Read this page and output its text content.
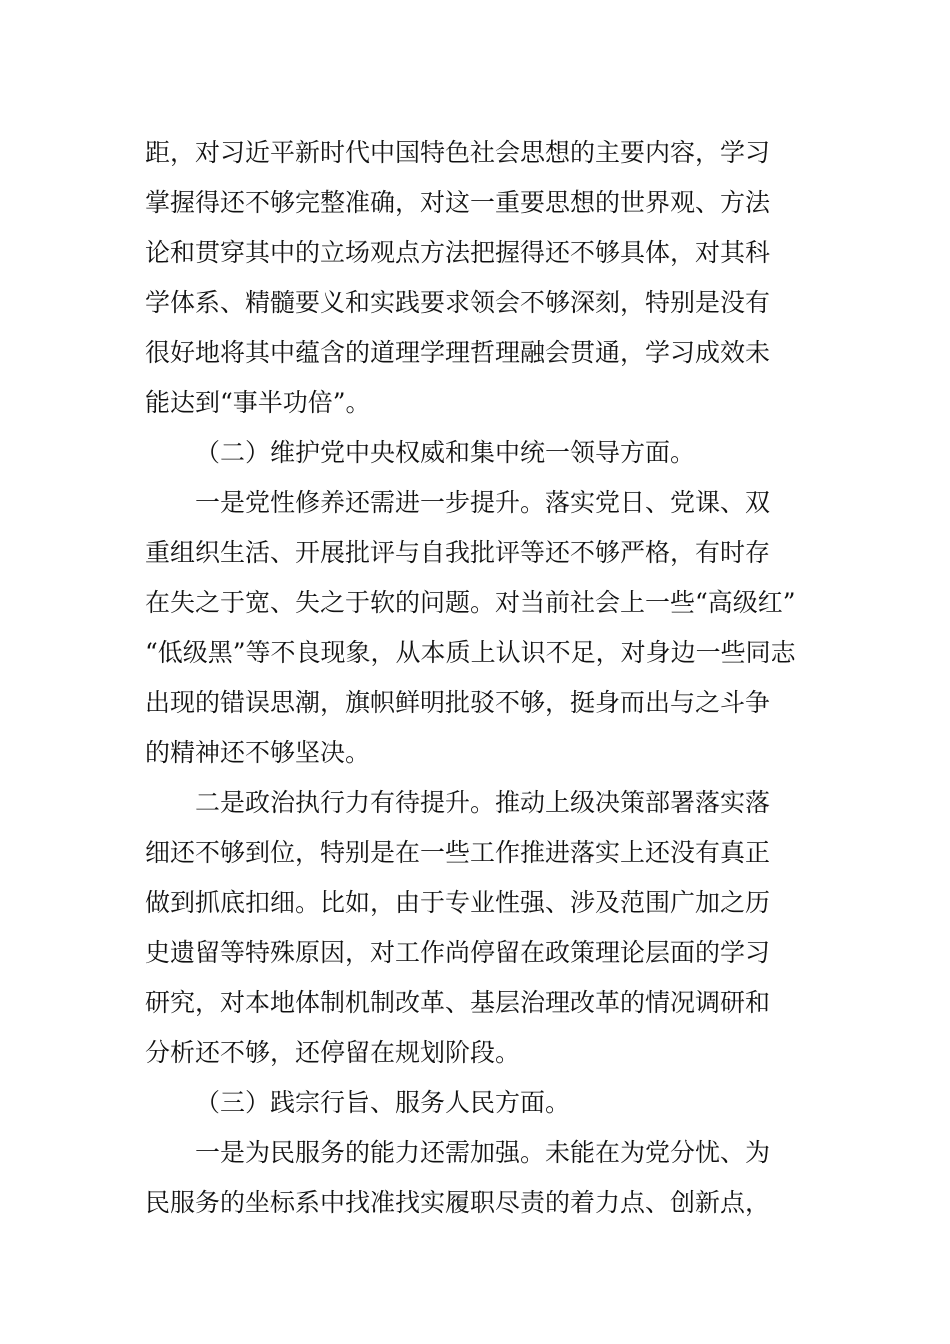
距，对习近平新时代中国特色社会思想的主要内容，学习
掌握得还不够完整准确，对这一重要思想的世界观、方法
论和贯穿其中的立场观点方法把握得还不够具体，对其科
学体系、精髓要义和实践要求领会不够深刻，特别是没有
很好地将其中蕴含的道理学理哲理融会贯通，学习成效未
能达到“事半功倍”。

（二）维护党中央权威和集中统一领导方面。

一是党性修养还需进一步提升。落实党日、党课、双
重组织生活、开展批评与自我批评等还不够严格，有时存
在失之于宽、失之于软的问题。对当前社会上一些“高级红”
“低级黑”等不良现象，从本质上认识不足，对身边一些同志
出现的错误思潮，旗帜鲜明批驳不够，挺身而出与之斗争
的精神还不够坚决。

二是政治执行力有待提升。推动上级决策部署落实落
细还不够到位，特别是在一些工作推进落实上还没有真正
做到抓底扣细。比如，由于专业性强、涉及范围广加之历
史遗留等特殊原因，对工作尚停留在政策理论层面的学习
研究，对本地体制机制改革、基层治理改革的情况调研和
分析还不够，还停留在规划阶段。

（三）践宗行旨、服务人民方面。

一是为民服务的能力还需加强。未能在为党分忧、为
民服务的坐标系中找准找实履职尽责的着力点、创新点，
